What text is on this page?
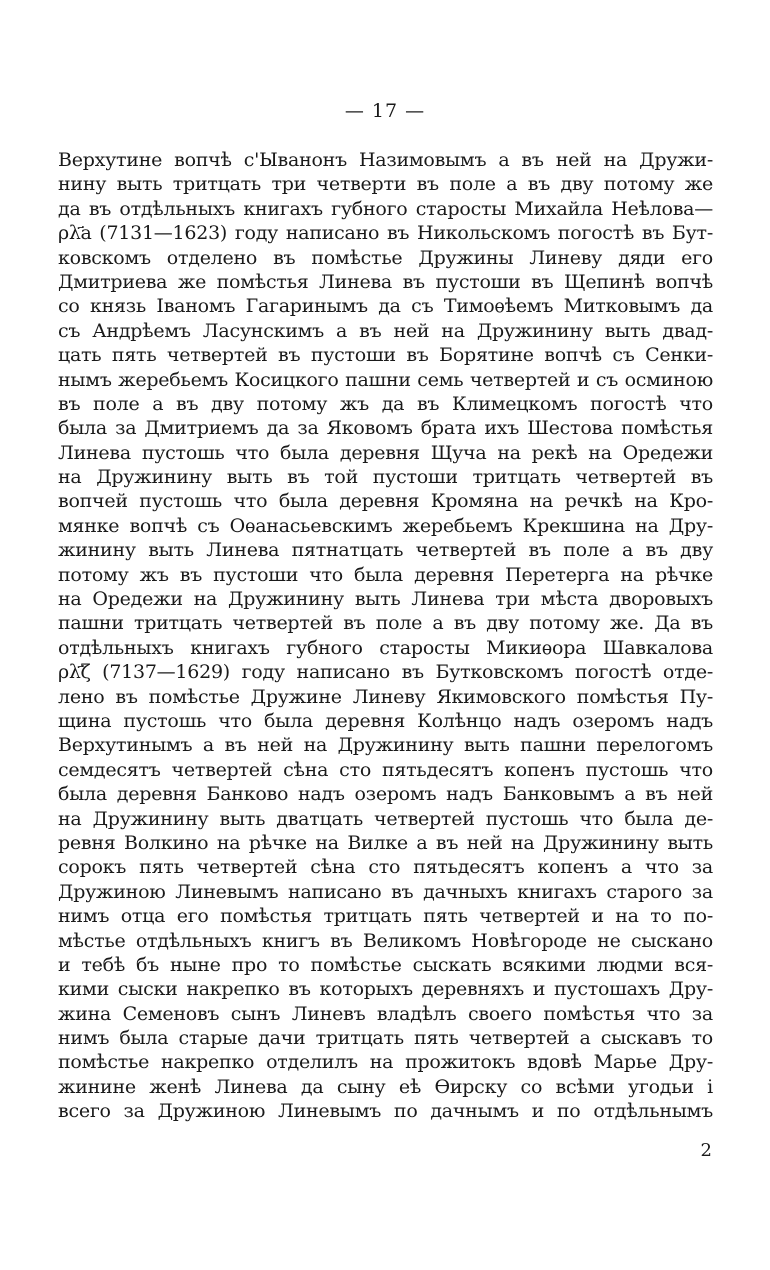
— 17 —
Верхутине вопчѣ с'Ыванонъ Назимовымъ а въ ней на Дружи-
нину выть тритцать три четверти въ поле а въ дву потому же
да въ отдѣльныхъ книгахъ губного старосты Михайла Неѣлова—
ρλ҃а (7131—1623) году написано въ Никольскомъ погостѣ въ Бут-
ковскомъ отделено въ помѣстье Дружины Линеву дяди его
Дмитриева же помѣстья Линева въ пустоши въ Щепинѣ вопчѣ
со князь Іваномъ Гагаринымъ да съ Тимоѳѣемъ Митковымъ да
съ Андрѣемъ Ласунскимъ а въ ней на Дружинину выть двад-
цать пять четвертей въ пустоши въ Борятине вопчѣ съ Сенки-
нымъ жеребьемъ Косицкого пашни семь четвертей и съ осминою
въ поле а въ дву потому жъ да въ Климецкомъ погостѣ что
была за Дмитриемъ да за Яковомъ брата ихъ Шестова помѣстья
Линева пустошь что была деревня Щуча на рекѣ на Оредежи
на Дружинину выть въ той пустоши тритцать четвертей въ
вопчей пустошь что была деревня Кромяна на речкѣ на Кро-
мянке вопчѣ съ Оѳанасьевскимъ жеребьемъ Крекшина на Дру-
жинину выть Линева пятнатцать четвертей въ поле а въ дву
потому жъ въ пустоши что была деревня Перетерга на рѣчке
на Оредежи на Дружинину выть Линева три мѣста дворовыхъ
пашни тритцать четвертей въ поле а въ дву потому же. Да въ
отдѣльныхъ книгахъ губного старосты Микиѳора Шавкалова
ρλ҃ζ (7137—1629) году написано въ Бутковскомъ погостѣ отде-
лено въ помѣстье Дружине Линеву Якимовского помѣстья Пу-
щина пустошь что была деревня Колѣнцо надъ озеромъ надъ
Верхутинымъ а въ ней на Дружинину выть пашни перелогомъ
семдесятъ четвертей сѣна сто пятьдесятъ копенъ пустошь что
была деревня Банково надъ озеромъ надъ Банковымъ а въ ней
на Дружинину выть дватцать четвертей пустошь что была де-
ревня Волкино на рѣчке на Вилке а въ ней на Дружинину выть
сорокъ пять четвертей сѣна сто пятьдесятъ копенъ а что за
Дружиною Линевымъ написано въ дачныхъ книгахъ старого за
нимъ отца его помѣстья тритцать пять четвертей и на то по-
мѣстье отдѣльныхъ книгъ въ Великомъ Новѣгороде не сыскано
и тебѣ бъ ныне про то помѣстье сыскать всякими людми вся-
кими сыски накрепко въ которыхъ деревняхъ и пустошахъ Дру-
жина Семеновъ сынъ Линевъ владѣлъ своего помѣстья что за
нимъ была старые дачи тритцать пять четвертей а сыскавъ то
помѣстье накрепко отделилъ на прожитокъ вдовѣ Марье Дру-
жинине женѣ Линева да сыну еѣ Ѳирску со всѣми угодьи і
всего за Дружиною Линевымъ по дачнымъ и по отдѣльнымъ
2
